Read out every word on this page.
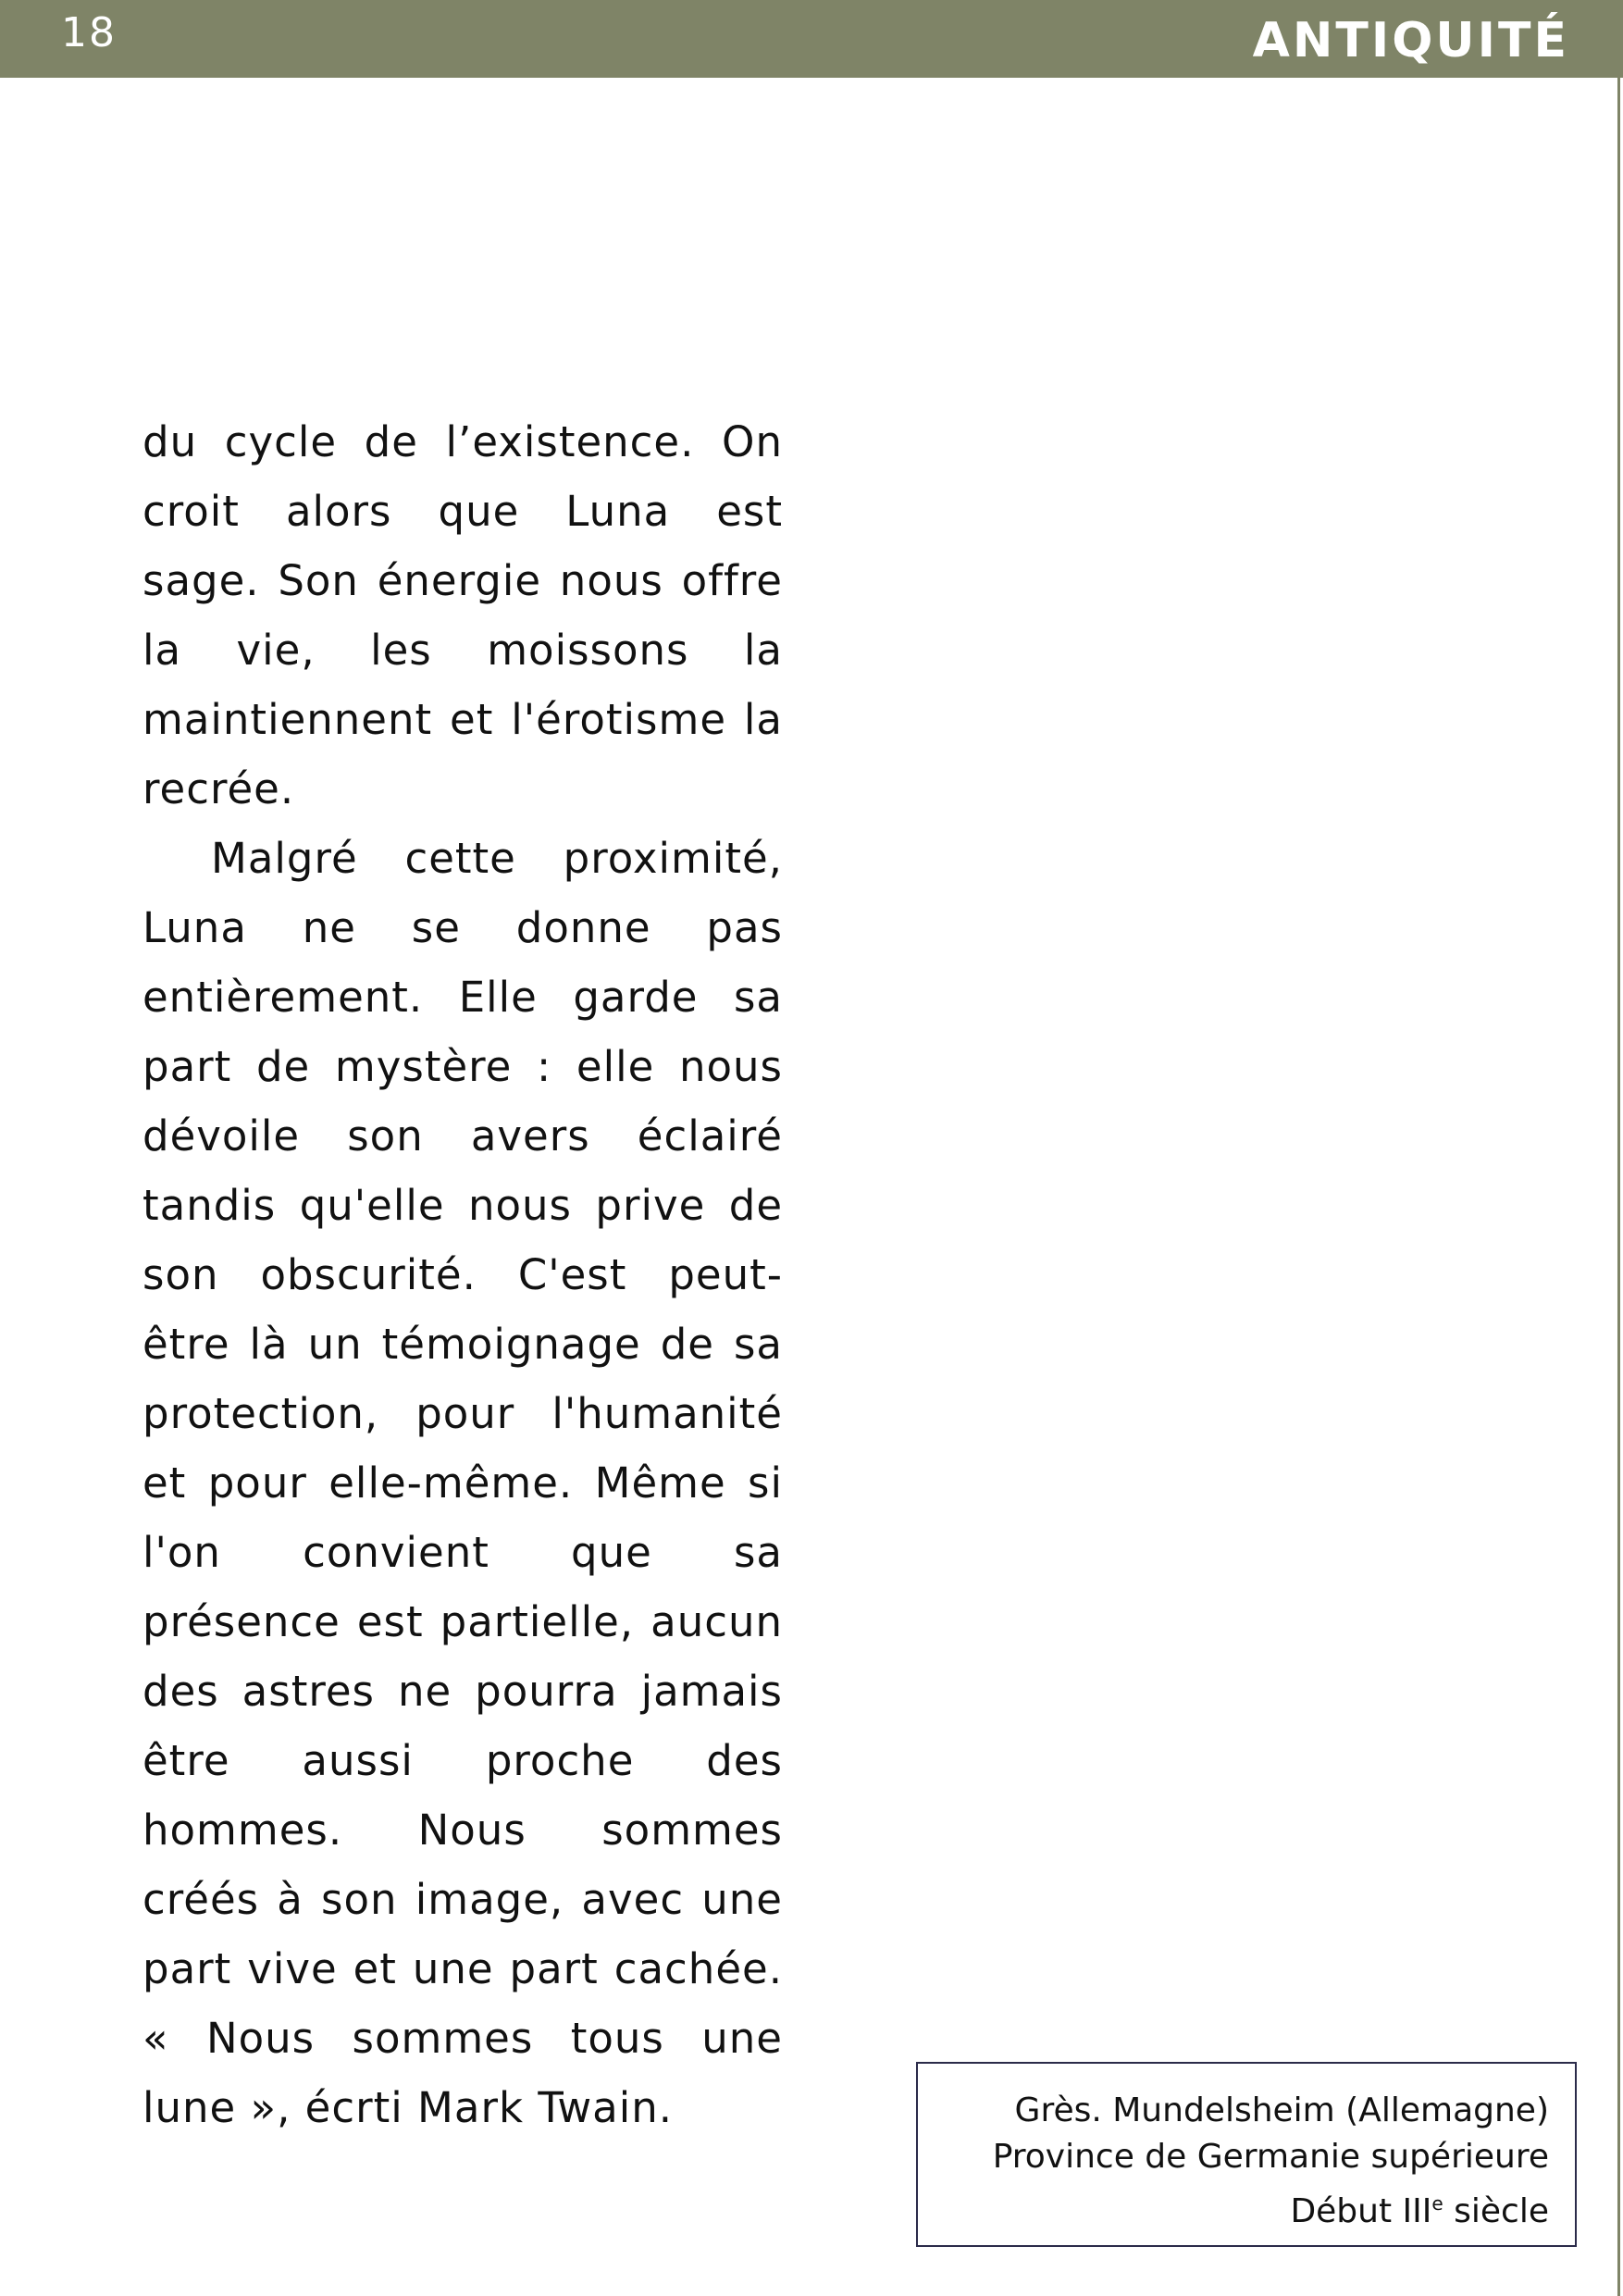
18	ANTIQUITÉ

du cycle de l’existence. On croit alors que Luna est sage. Son énergie nous offre la vie, les moissons la maintiennent et l'érotisme la recrée.

Malgré cette proximité, Luna ne se donne pas entièrement. Elle garde sa part de mystère : elle nous dévoile son avers éclairé tandis qu'elle nous prive de son obscurité. C'est peut-être là un témoignage de sa protection, pour l'humanité et pour elle-même. Même si l'on convient que sa présence est partielle, aucun des astres ne pourra jamais être aussi proche des hommes. Nous sommes créés à son image, avec une part vive et une part cachée. « Nous sommes tous une lune », écrti Mark Twain.	Grès. Mundelsheim (Allemagne)
Province de Germanie supérieure
Début IIIe siècle
